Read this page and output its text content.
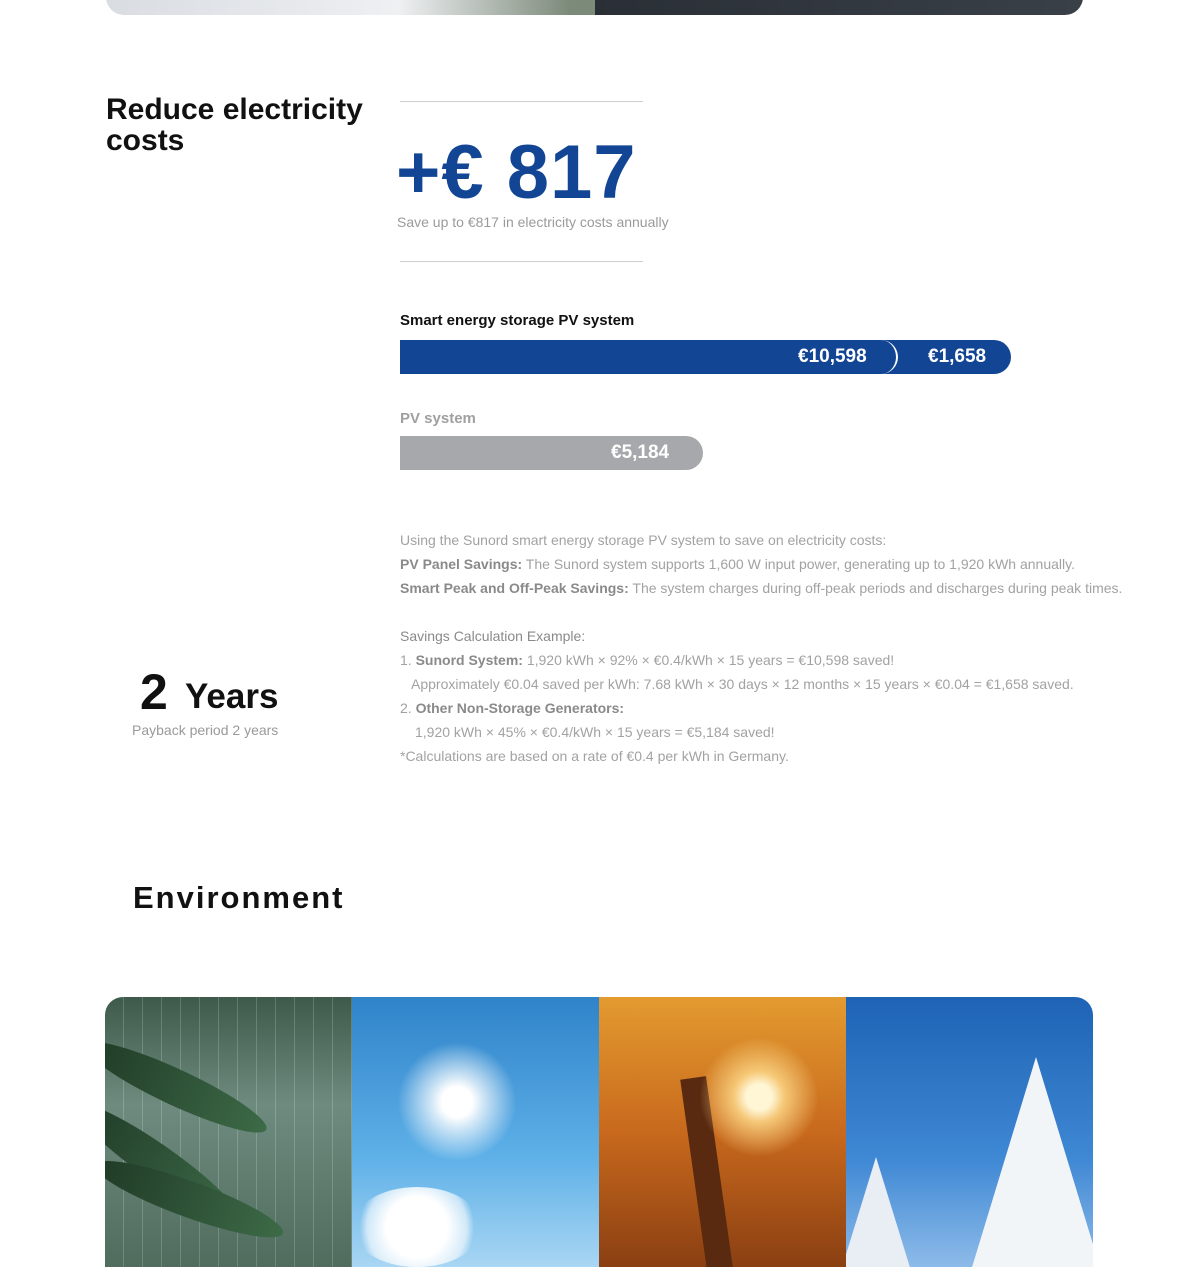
Reduce electricity costs	+€ 817
Save up to €817 in electricity costs annually
Smart energy storage PV system
€10,598	€1,658
PV system
€5,184
Using the Sunord smart energy storage PV system to save on electricity costs:
PV Panel Savings: The Sunord system supports 1,600 W input power, generating up to 1,920 kWh annually.
Smart Peak and Off-Peak Savings: The system charges during off-peak periods and discharges during peak times.
Savings Calculation Example:
1. Sunord System: 1,920 kWh × 92% × €0.4/kWh × 15 years = €10,598 saved!
Approximately €0.04 saved per kWh: 7.68 kWh × 30 days × 12 months × 15 years × €0.04 = €1,658 saved.
2. Other Non-Storage Generators:
1,920 kWh × 45% × €0.4/kWh × 15 years = €5,184 saved!
*Calculations are based on a rate of €0.4 per kWh in Germany.
2 Years
Payback period 2 years
Environment
